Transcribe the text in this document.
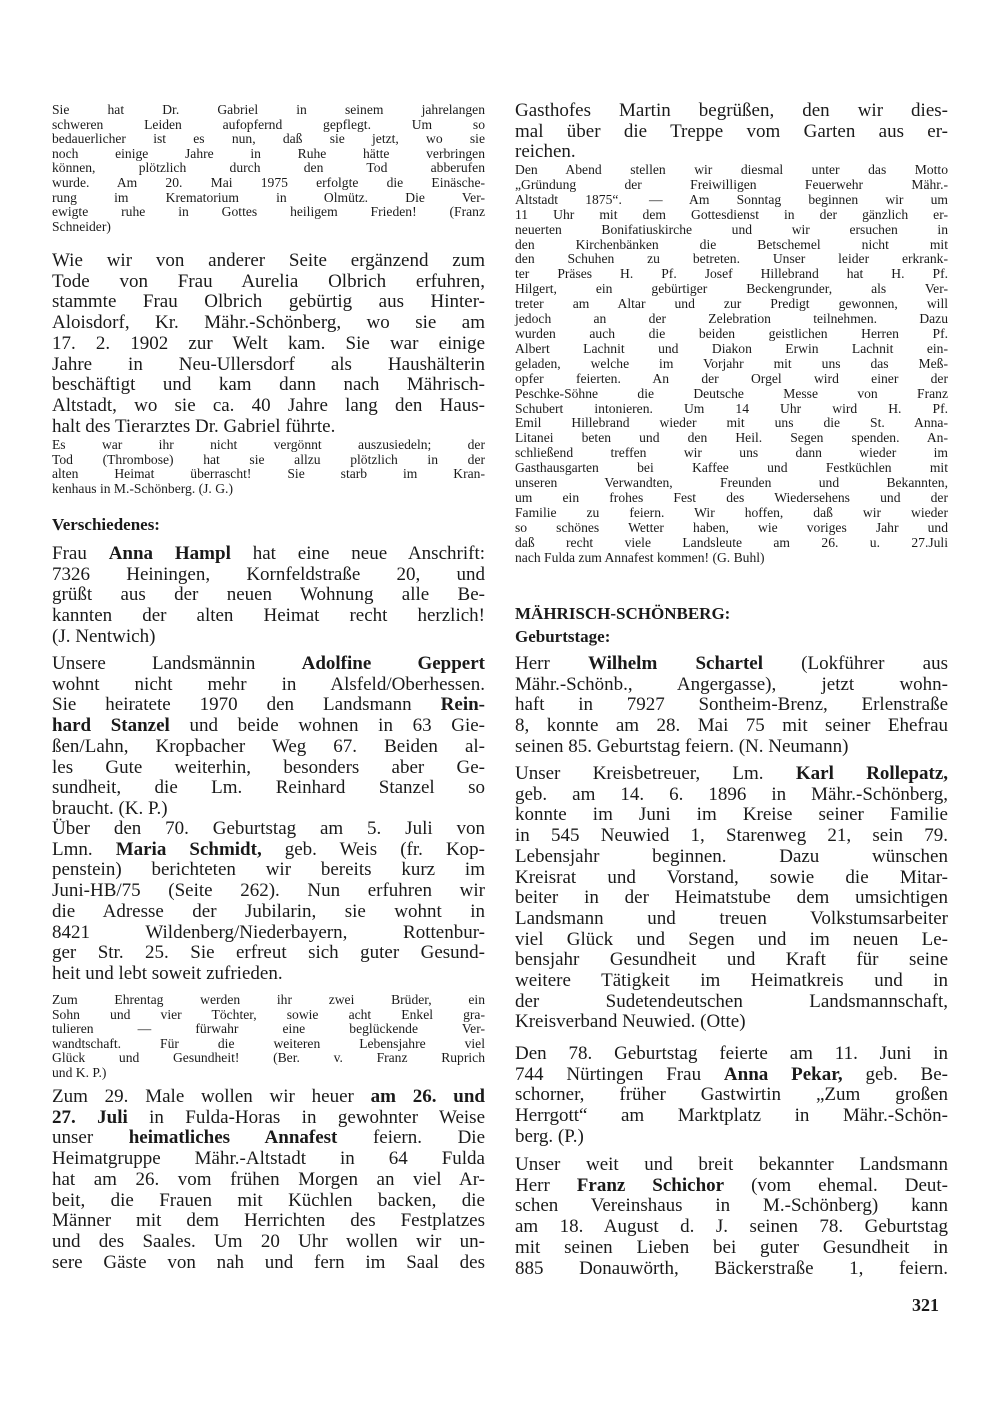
Sie hat Dr. Gabriel in seinem jahrelangen
schweren Leiden aufopfernd gepflegt. Um so
bedauerlicher ist es nun, daß sie jetzt, wo sie
noch einige Jahre in Ruhe hätte verbringen
können, plötzlich durch den Tod abberufen
wurde. Am 20. Mai 1975 erfolgte die Einäsche-
rung im Krematorium in Olmütz. Die Ver-
ewigte ruhe in Gottes heiligem Frieden! (Franz
Schneider)
Wie wir von anderer Seite ergänzend zum
Tode von Frau Aurelia Olbrich erfuhren,
stammte Frau Olbrich gebürtig aus Hinter-
Aloisdorf, Kr. Mähr.-Schönberg, wo sie am
17. 2. 1902 zur Welt kam. Sie war einige
Jahre in Neu-Ullersdorf als Haushälterin
beschäftigt und kam dann nach Mährisch-
Altstadt, wo sie ca. 40 Jahre lang den Haus-
halt des Tierarztes Dr. Gabriel führte.
Es war ihr nicht vergönnt auszusiedeln; der
Tod (Thrombose) hat sie allzu plötzlich in der
alten Heimat überrascht! Sie starb im Kran-
kenhaus in M.-Schönberg. (J. G.)
Verschiedenes:
Frau Anna Hampl hat eine neue Anschrift:
7326 Heiningen, Kornfeldstraße 20, und
grüßt aus der neuen Wohnung alle Be-
kannten der alten Heimat recht herzlich!
(J. Nentwich)
Unsere Landsmännin Adolfine Geppert
wohnt nicht mehr in Alsfeld/Oberhessen.
Sie heiratete 1970 den Landsmann Rein-
hard Stanzel und beide wohnen in 63 Gie-
ßen/Lahn, Kropbacher Weg 67. Beiden al-
les Gute weiterhin, besonders aber Ge-
sundheit, die Lm. Reinhard Stanzel so
braucht. (K. P.)
Über den 70. Geburtstag am 5. Juli von
Lmn. Maria Schmidt, geb. Weis (fr. Kop-
penstein) berichteten wir bereits kurz im
Juni-HB/75 (Seite 262). Nun erfuhren wir
die Adresse der Jubilarin, sie wohnt in
8421 Wildenberg/Niederbayern, Rottenbur-
ger Str. 25. Sie erfreut sich guter Gesund-
heit und lebt soweit zufrieden.
Zum Ehrentag werden ihr zwei Brüder, ein
Sohn und vier Töchter, sowie acht Enkel gra-
tulieren — fürwahr eine beglückende Ver-
wandtschaft. Für die weiteren Lebensjahre viel
Glück und Gesundheit! (Ber. v. Franz Ruprich
und K. P.)
Zum 29. Male wollen wir heuer am 26. und
27. Juli in Fulda-Horas in gewohnter Weise
unser heimatliches Annafest feiern. Die
Heimatgruppe Mähr.-Altstadt in 64 Fulda
hat am 26. vom frühen Morgen an viel Ar-
beit, die Frauen mit Küchlen backen, die
Männer mit dem Herrichten des Festplatzes
und des Saales. Um 20 Uhr wollen wir un-
sere Gäste von nah und fern im Saal des
Gasthofes Martin begrüßen, den wir dies-
mal über die Treppe vom Garten aus er-
reichen.
Den Abend stellen wir diesmal unter das Motto
„Gründung der Freiwilligen Feuerwehr Mähr.-
Altstadt 1875“. — Am Sonntag beginnen wir um
11 Uhr mit dem Gottesdienst in der gänzlich er-
neuerten Bonifatiuskirche und wir ersuchen in
den Kirchenbänken die Betschemel nicht mit
den Schuhen zu betreten. Unser leider erkrank-
ter Präses H. Pf. Josef Hillebrand hat H. Pf.
Hilgert, ein gebürtiger Beckengrunder, als Ver-
treter am Altar und zur Predigt gewonnen, will
jedoch an der Zelebration teilnehmen. Dazu
wurden auch die beiden geistlichen Herren Pf.
Albert Lachnit und Diakon Erwin Lachnit ein-
geladen, welche im Vorjahr mit uns das Meß-
opfer feierten. An der Orgel wird einer der
Peschke-Söhne die Deutsche Messe von Franz
Schubert intonieren. Um 14 Uhr wird H. Pf.
Emil Hillebrand wieder mit uns die St. Anna-
Litanei beten und den Heil. Segen spenden. An-
schließend treffen wir uns dann wieder im
Gasthausgarten bei Kaffee und Festküchlen mit
unseren Verwandten, Freunden und Bekannten,
um ein frohes Fest des Wiedersehens und der
Familie zu feiern. Wir hoffen, daß wir wieder
so schönes Wetter haben, wie voriges Jahr und
daß recht viele Landsleute am 26. u. 27.Juli
nach Fulda zum Annafest kommen! (G. Buhl)
MÄHRISCH-SCHÖNBERG:
Geburtstage:
Herr Wilhelm Schartel (Lokführer aus
Mähr.-Schönb., Angergasse), jetzt wohn-
haft in 7927 Sontheim-Brenz, Erlenstraße
8, konnte am 28. Mai 75 mit seiner Ehefrau
seinen 85. Geburtstag feiern. (N. Neumann)
Unser Kreisbetreuer, Lm. Karl Rollepatz,
geb. am 14. 6. 1896 in Mähr.-Schönberg,
konnte im Juni im Kreise seiner Familie
in 545 Neuwied 1, Starenweg 21, sein 79.
Lebensjahr beginnen. Dazu wünschen
Kreisrat und Vorstand, sowie die Mitar-
beiter in der Heimatstube dem umsichtigen
Landsmann und treuen Volkstumsarbeiter
viel Glück und Segen und im neuen Le-
bensjahr Gesundheit und Kraft für seine
weitere Tätigkeit im Heimatkreis und in
der Sudetendeutschen Landsmannschaft,
Kreisverband Neuwied. (Otte)
Den 78. Geburtstag feierte am 11. Juni in
744 Nürtingen Frau Anna Pekar, geb. Be-
schorner, früher Gastwirtin „Zum großen
Herrgott“ am Marktplatz in Mähr.-Schön-
berg. (P.)
Unser weit und breit bekannter Landsmann
Herr Franz Schichor (vom ehemal. Deut-
schen Vereinshaus in M.-Schönberg) kann
am 18. August d. J. seinen 78. Geburtstag
mit seinen Lieben bei guter Gesundheit in
885 Donauwörth, Bäckerstraße 1, feiern.
321
